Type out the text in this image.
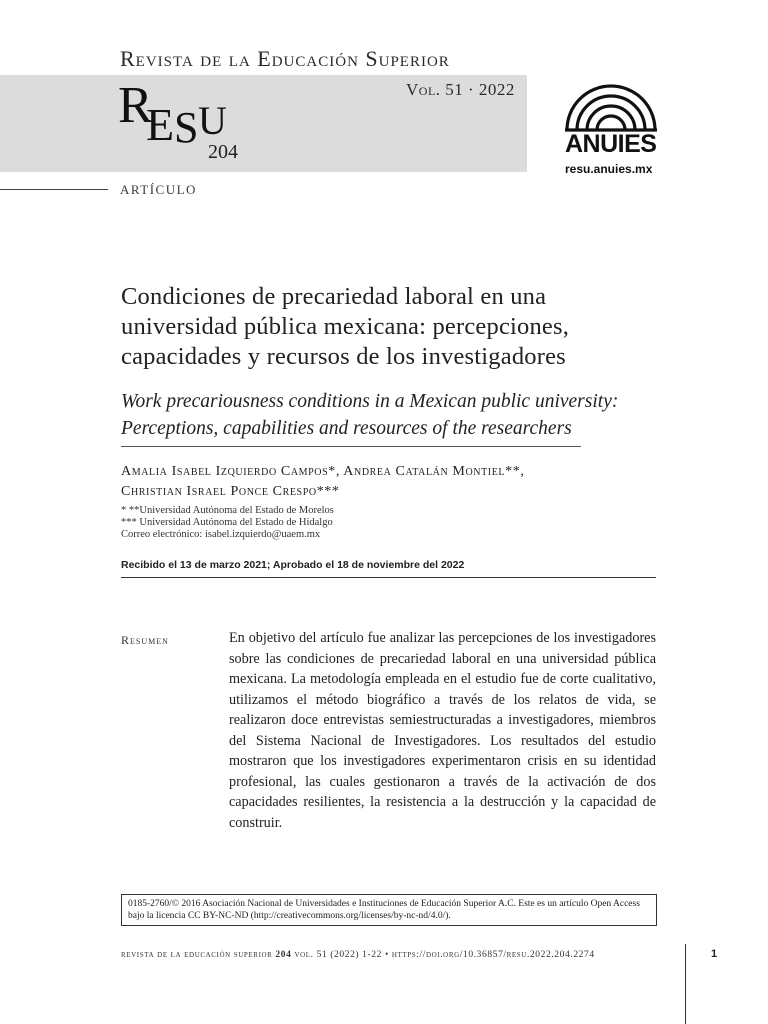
Revista de la Educación Superior
Vol. 51 · 2022
R
E S U
204
artículo
ANUIES
resu.anuies.mx
Condiciones de precariedad laboral en una universidad pública mexicana: percepciones, capacidades y recursos de los investigadores
Work precariousness conditions in a Mexican public university: Perceptions, capabilities and resources of the researchers
Amalia Isabel Izquierdo Campos*, Andrea Catalán Montiel**,
Christian Israel Ponce Crespo***
* **Universidad Autónoma del Estado de Morelos
*** Universidad Autónoma del Estado de Hidalgo
Correo electrónico: isabel.izquierdo@uaem.mx
Recibido el 13 de marzo 2021; Aprobado el 18 de noviembre del 2022
Resumen	En objetivo del artículo fue analizar las percepciones de los investigadores sobre las condiciones de precariedad laboral en una universidad pública mexicana. La metodología empleada en el estudio fue de corte cualitativo, utilizamos el método biográfico a través de los relatos de vida, se realizaron doce entrevistas semiestructuradas a investigadores, miembros del Sistema Nacional de Investigadores. Los resultados del estudio mostraron que los investigadores experimentaron crisis en su identidad profesional, las cuales gestionaron a través de la activación de dos capacidades resilientes, la resistencia a la destrucción y la capacidad de construir.
0185-2760/© 2016 Asociación Nacional de Universidades e Instituciones de Educación Superior A.C. Este es un artículo Open Access bajo la licencia CC BY-NC-ND (http://creativecommons.org/licenses/by-nc-nd/4.0/).
revista de la educación superior 204 vol. 51 (2022) 1-22 • https://doi.org/10.36857/resu.2022.204.2274	1
